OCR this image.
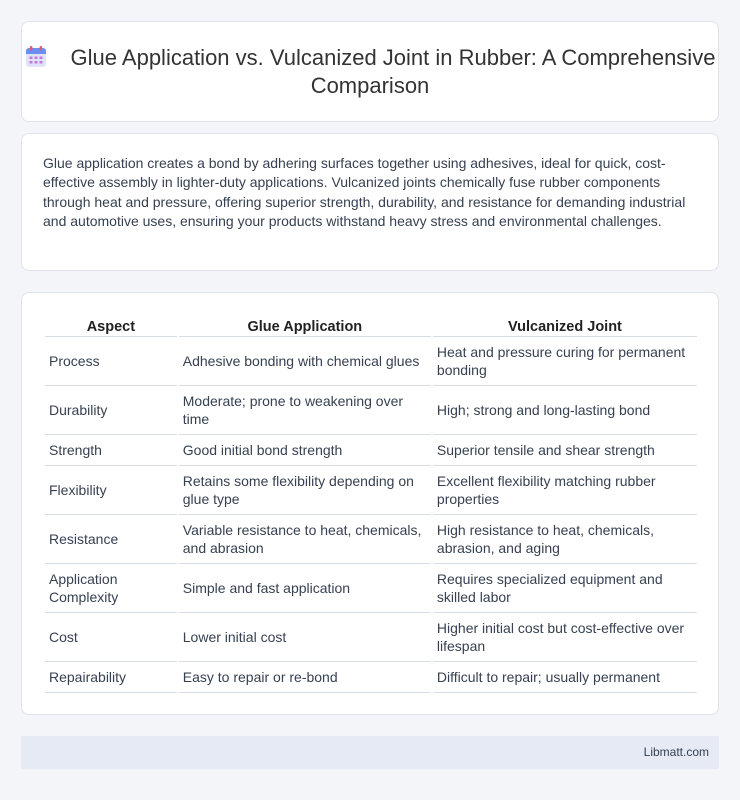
Glue Application vs. Vulcanized Joint in Rubber: A Comprehensive Comparison

Glue application creates a bond by adhering surfaces together using adhesives, ideal for quick, cost-effective assembly in lighter-duty applications. Vulcanized joints chemically fuse rubber components through heat and pressure, offering superior strength, durability, and resistance for demanding industrial and automotive uses, ensuring your products withstand heavy stress and environmental challenges.

Aspect	Glue Application	Vulcanized Joint
Process	Adhesive bonding with chemical glues	Heat and pressure curing for permanent bonding
Durability	Moderate; prone to weakening over time	High; strong and long-lasting bond
Strength	Good initial bond strength	Superior tensile and shear strength
Flexibility	Retains some flexibility depending on glue type	Excellent flexibility matching rubber properties
Resistance	Variable resistance to heat, chemicals, and abrasion	High resistance to heat, chemicals, abrasion, and aging
Application Complexity	Simple and fast application	Requires specialized equipment and skilled labor
Cost	Lower initial cost	Higher initial cost but cost-effective over lifespan
Repairability	Easy to repair or re-bond	Difficult to repair; usually permanent
Libmatt.com
